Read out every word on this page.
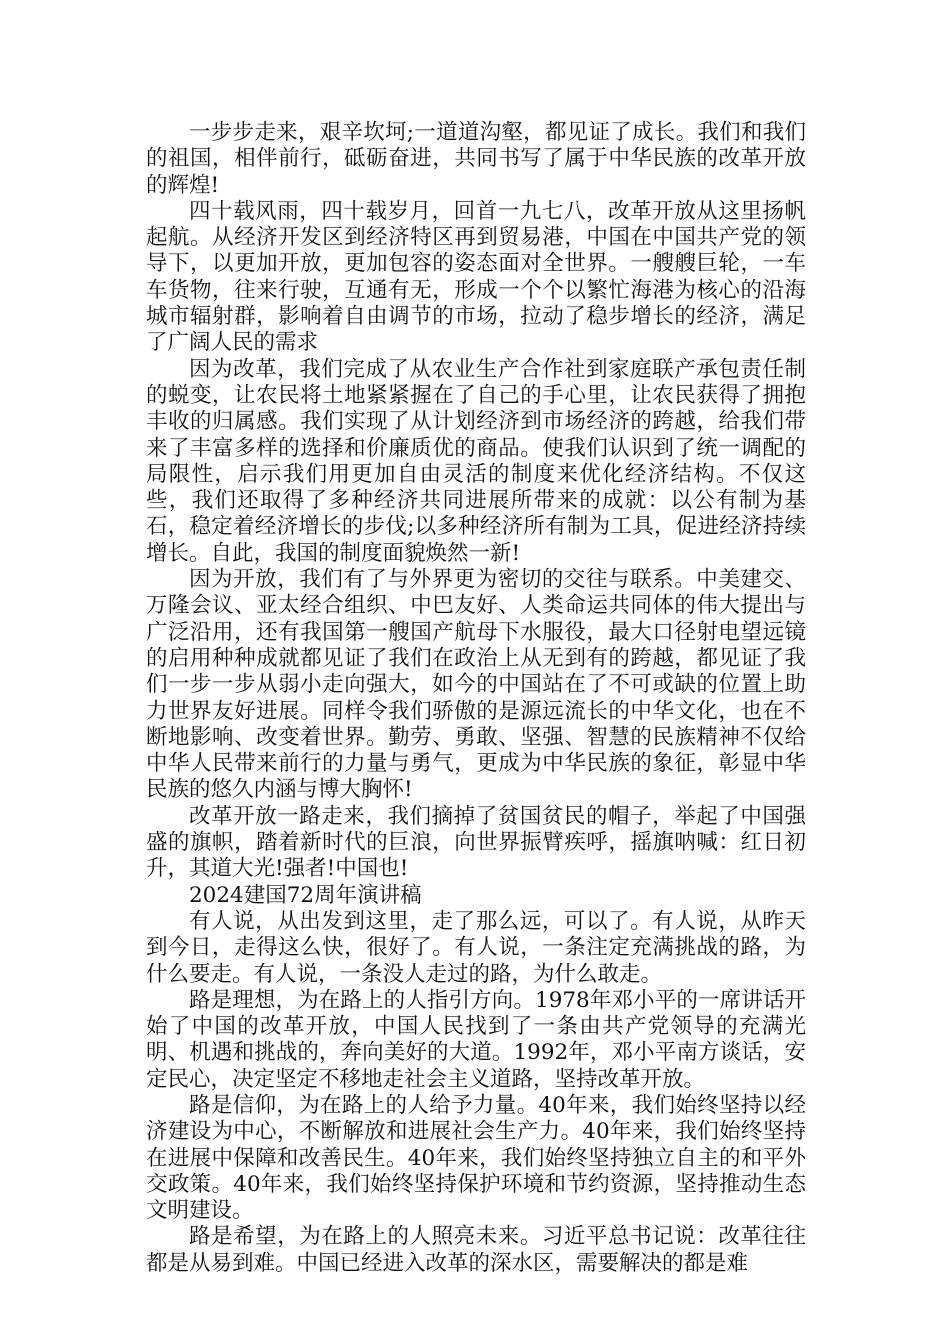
一步步走来，艰辛坎坷;一道道沟壑，都见证了成长。我们和我们的祖国，相伴前行，砥砺奋进，共同书写了属于中华民族的改革开放的辉煌!

四十载风雨，四十载岁月，回首一九七八，改革开放从这里扬帆起航。从经济开发区到经济特区再到贸易港，中国在中国共产党的领导下，以更加开放，更加包容的姿态面对全世界。一艘艘巨轮，一车车货物，往来行驶，互通有无，形成一个个以繁忙海港为核心的沿海城市辐射群，影响着自由调节的市场，拉动了稳步增长的经济，满足了广阔人民的需求

因为改革，我们完成了从农业生产合作社到家庭联产承包责任制的蜕变，让农民将土地紧紧握在了自己的手心里，让农民获得了拥抱丰收的归属感。我们实现了从计划经济到市场经济的跨越，给我们带来了丰富多样的选择和价廉质优的商品。使我们认识到了统一调配的局限性，启示我们用更加自由灵活的制度来优化经济结构。不仅这些，我们还取得了多种经济共同进展所带来的成就：以公有制为基石，稳定着经济增长的步伐;以多种经济所有制为工具，促进经济持续增长。自此，我国的制度面貌焕然一新!

因为开放，我们有了与外界更为密切的交往与联系。中美建交、万隆会议、亚太经合组织、中巴友好、人类命运共同体的伟大提出与广泛沿用，还有我国第一艘国产航母下水服役，最大口径射电望远镜的启用种种成就都见证了我们在政治上从无到有的跨越，都见证了我们一步一步从弱小走向强大，如今的中国站在了不可或缺的位置上助力世界友好进展。同样令我们骄傲的是源远流长的中华文化，也在不断地影响、改变着世界。勤劳、勇敢、坚强、智慧的民族精神不仅给中华人民带来前行的力量与勇气，更成为中华民族的象征，彰显中华民族的悠久内涵与博大胸怀!

改革开放一路走来，我们摘掉了贫国贫民的帽子，举起了中国强盛的旗帜，踏着新时代的巨浪，向世界振臂疾呼，摇旗呐喊：红日初升，其道大光!强者!中国也!

2024建国72周年演讲稿

有人说，从出发到这里，走了那么远，可以了。有人说，从昨天到今日，走得这么快，很好了。有人说，一条注定充满挑战的路，为什么要走。有人说，一条没人走过的路，为什么敢走。

路是理想，为在路上的人指引方向。1978年邓小平的一席讲话开始了中国的改革开放，中国人民找到了一条由共产党领导的充满光明、机遇和挑战的，奔向美好的大道。1992年，邓小平南方谈话，安定民心，决定坚定不移地走社会主义道路，坚持改革开放。

路是信仰，为在路上的人给予力量。40年来，我们始终坚持以经济建设为中心，不断解放和进展社会生产力。40年来，我们始终坚持在进展中保障和改善民生。40年来，我们始终坚持独立自主的和平外交政策。40年来，我们始终坚持保护环境和节约资源，坚持推动生态文明建设。

路是希望，为在路上的人照亮未来。习近平总书记说：改革往往都是从易到难。中国已经进入改革的深水区，需要解决的都是难
